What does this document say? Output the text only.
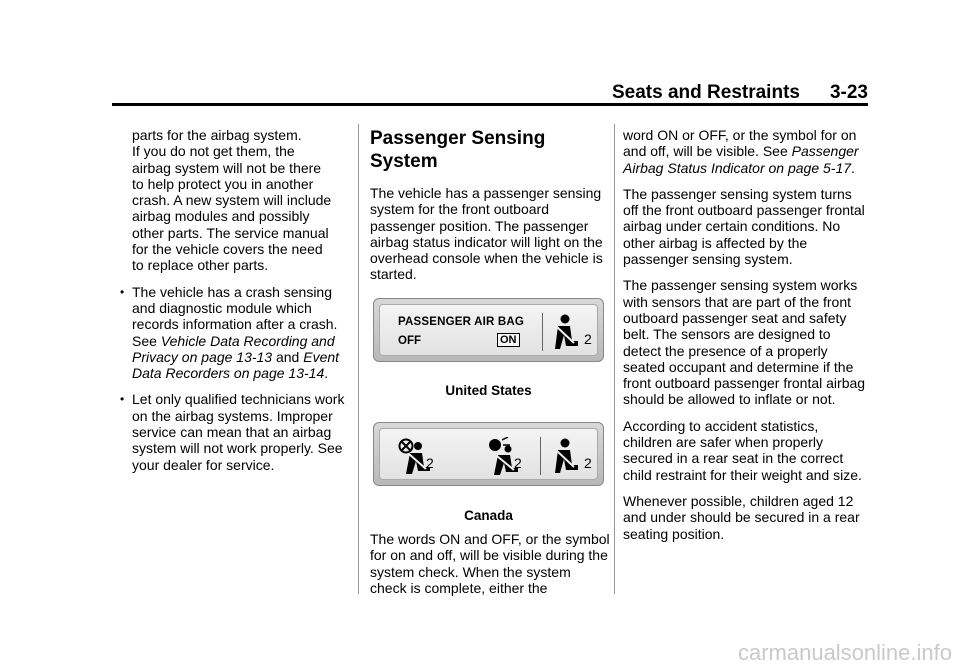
Seats and Restraints 3-23
parts for the airbag system.
If you do not get them, the
airbag system will not be there
to help protect you in another
crash. A new system will include
airbag modules and possibly
other parts. The service manual
for the vehicle covers the need
to replace other parts.
• The vehicle has a crash sensing and diagnostic module which records information after a crash. See Vehicle Data Recording and Privacy on page 13-13 and Event Data Recorders on page 13-14.
• Let only qualified technicians work on the airbag systems. Improper service can mean that an airbag system will not work properly. See your dealer for service.
Passenger Sensing
System

The vehicle has a passenger sensing system for the front outboard passenger position. The passenger airbag status indicator will light on the overhead console when the vehicle is started.

PASSENGER AIR BAG
OFF	ON	2
United States
2	2	2
Canada
The words ON and OFF, or the symbol for on and off, will be visible during the system check. When the system check is complete, either the

word ON or OFF, or the symbol for on and off, will be visible. See Passenger Airbag Status Indicator on page 5-17.

The passenger sensing system turns off the front outboard passenger frontal airbag under certain conditions. No other airbag is affected by the passenger sensing system.

The passenger sensing system works with sensors that are part of the front outboard passenger seat and safety belt. The sensors are designed to detect the presence of a properly seated occupant and determine if the front outboard passenger frontal airbag should be allowed to inflate or not.

According to accident statistics, children are safer when properly secured in a rear seat in the correct child restraint for their weight and size.

Whenever possible, children aged 12 and under should be secured in a rear seating position.

carmanualsonline.info
